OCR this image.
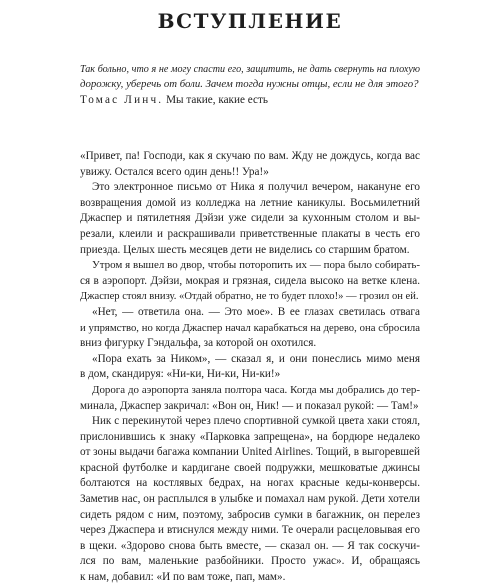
ВСТУПЛЕНИЕ
Так больно, что я не могу спасти его, защитить, не дать свернуть на плохую
дорожку, уберечь от боли. Зачем тогда нужны отцы, если не для этого?
Томас Линч. Мы такие, какие есть
«Привет, па! Господи, как я скучаю по вам. Жду не дождусь, когда вас
увижу. Остался всего один день!! Ура!»
Это электронное письмо от Ника я получил вечером, накануне его
возвращения домой из колледжа на летние каникулы. Восьмилетний
Джаспер и пятилетняя Дэйзи уже сидели за кухонным столом и вы-
резали, клеили и раскрашивали приветственные плакаты в честь его
приезда. Целых шесть месяцев дети не виделись со старшим братом.
Утром я вышел во двор, чтобы поторопить их — пора было собирать-
ся в аэропорт. Дэйзи, мокрая и грязная, сидела высоко на ветке клена.
Джаспер стоял внизу. «Отдай обратно, не то будет плохо!» — грозил он ей.
«Нет, — ответила она. — Это мое». В ее глазах светилась отвага
и упрямство, но когда Джаспер начал карабкаться на дерево, она сбросила
вниз фигурку Гэндальфа, за которой он охотился.
«Пора ехать за Ником», — сказал я, и они понеслись мимо меня
в дом, скандируя: «Ни-ки, Ни-ки, Ни-ки!»
Дорога до аэропорта заняла полтора часа. Когда мы добрались до тер-
минала, Джаспер закричал: «Вон он, Ник! — и показал рукой: — Там!»
Ник с перекинутой через плечо спортивной сумкой цвета хаки стоял,
прислонившись к знаку «Парковка запрещена», на бордюре недалеко
от зоны выдачи багажа компании United Airlines. Тощий, в выгоревшей
красной футболке и кардигане своей подружки, мешковатые джинсы
болтаются на костлявых бедрах, на ногах красные кеды-конверсы.
Заметив нас, он расплылся в улыбке и помахал нам рукой. Дети хотели
сидеть рядом с ним, поэтому, забросив сумки в багажник, он перелез
через Джаспера и втиснулся между ними. Те очерали расцеловывая его
в щеки. «Здорово снова быть вместе, — сказал он. — Я так соскучи-
лся по вам, маленькие разбойники. Просто ужас». И, обращаясь
к нам, добавил: «И по вам тоже, пап, мам».
